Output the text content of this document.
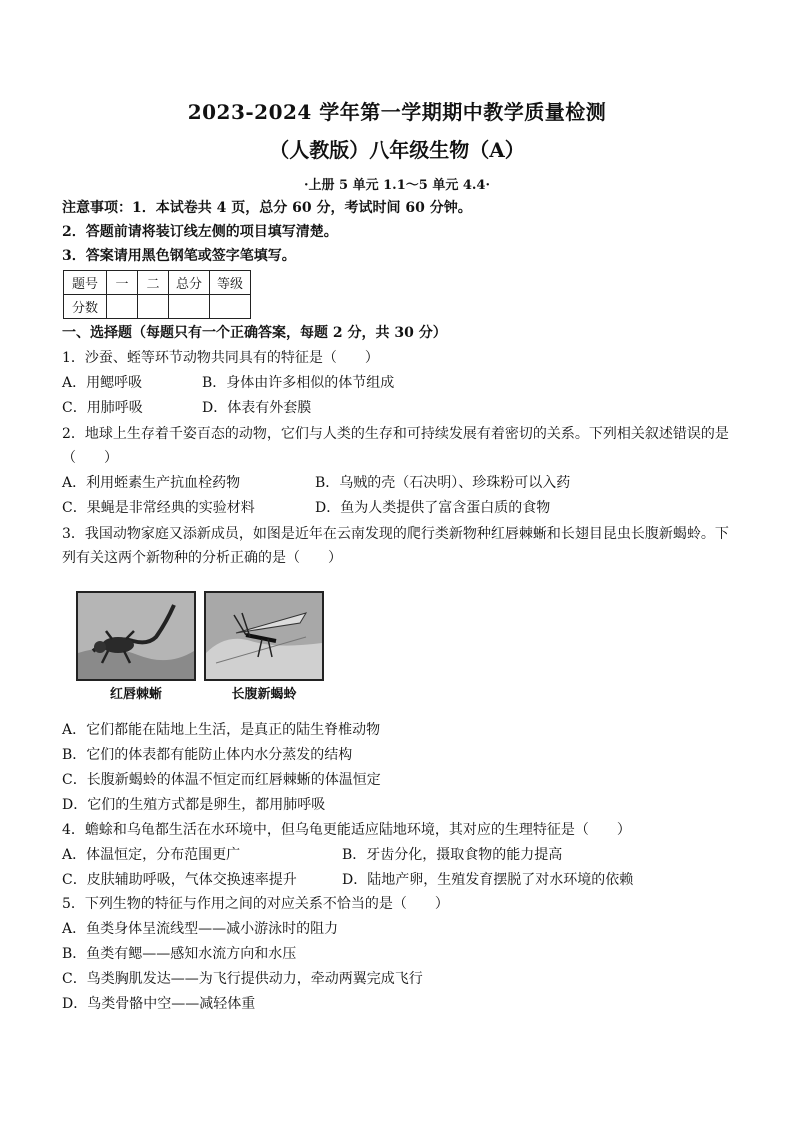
2023-2024 学年第一学期期中教学质量检测
（人教版）八年级生物（A）
·上册 5 单元 1.1～5 单元 4.4·
注意事项：1．本试卷共 4 页，总分 60 分，考试时间 60 分钟。
2．答题前请将装订线左侧的项目填写清楚。
3．答案请用黑色钢笔或签字笔填写。
题号	一	二	总分	等级
分数				
一、选择题（每题只有一个正确答案，每题 2 分，共 30 分）
1．沙蚕、蛭等环节动物共同具有的特征是（　　）
A．用鳃呼吸	B．身体由许多相似的体节组成
C．用肺呼吸	D．体表有外套膜
2．地球上生存着千姿百态的动物，它们与人类的生存和可持续发展有着密切的关系。下列相关叙述错误的是
（　　）
A．利用蛭素生产抗血栓药物	B．乌贼的壳（石决明）、珍珠粉可以入药
C．果蝇是非常经典的实验材料	D．鱼为人类提供了富含蛋白质的食物
3．我国动物家庭又添新成员，如图是近年在云南发现的爬行类新物种红唇棘蜥和长翅目昆虫长腹新蝎蛉。下
列有关这两个新物种的分析正确的是（　　）
红唇棘蜥	长腹新蝎蛉
A．它们都能在陆地上生活，是真正的陆生脊椎动物
B．它们的体表都有能防止体内水分蒸发的结构
C．长腹新蝎蛉的体温不恒定而红唇棘蜥的体温恒定
D．它们的生殖方式都是卵生，都用肺呼吸
4．蟾蜍和乌龟都生活在水环境中，但乌龟更能适应陆地环境，其对应的生理特征是（　　）
A．体温恒定，分布范围更广	B．牙齿分化，摄取食物的能力提高
C．皮肤辅助呼吸，气体交换速率提升	D．陆地产卵，生殖发育摆脱了对水环境的依赖
5．下列生物的特征与作用之间的对应关系不恰当的是（　　）
A．鱼类身体呈流线型——减小游泳时的阻力
B．鱼类有鳃——感知水流方向和水压
C．鸟类胸肌发达——为飞行提供动力，牵动两翼完成飞行
D．鸟类骨骼中空——减轻体重
